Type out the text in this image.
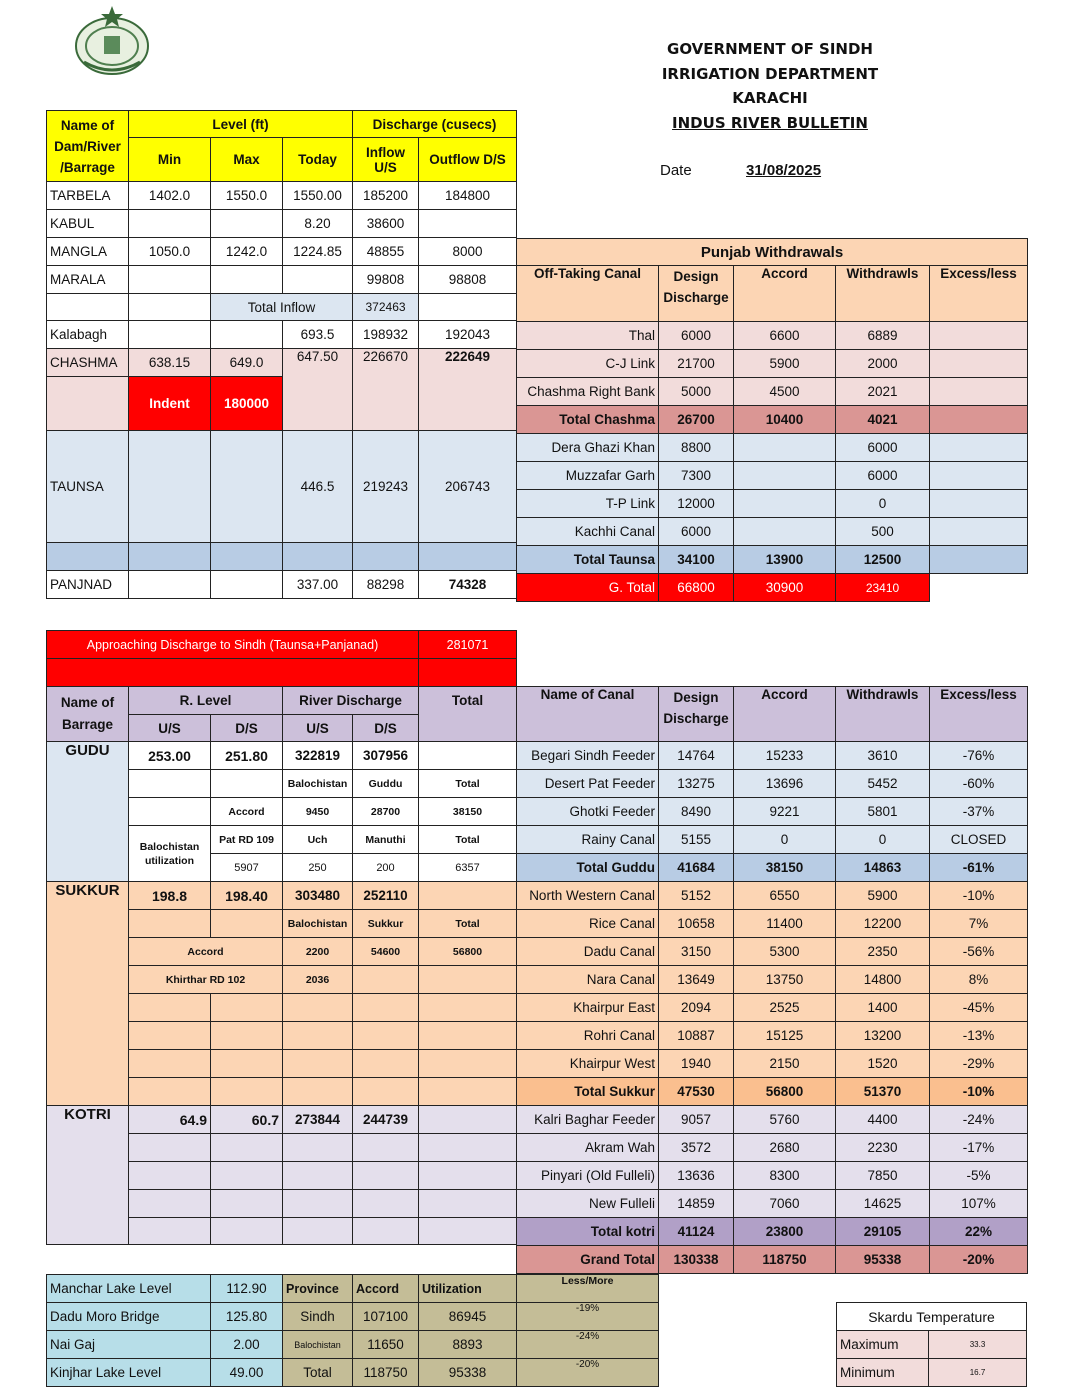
GOVERNMENT OF SINDH
IRRIGATION DEPARTMENT
KARACHI
INDUS RIVER BULLETIN
Date	31/08/2025
Name of Dam/River /Barrage	Level (ft)			Discharge (cusecs)	
	Min	Max	Today	Inflow U/S	Outflow D/S
TARBELA	1402.0	1550.0	1550.00	185200	184800
KABUL			8.20	38600	
MANGLA	1050.0	1242.0	1224.85	48855	8000
MARALA				99808	98808
		Total Inflow		372463	
Kalabagh			693.5	198932	192043
CHASHMA	638.15	649.0	647.50	226670	222649
	Indent	180000			
TAUNSA			446.5	219243	206743

PANJNAD			337.00	88298	74328
Punjab Withdrawals				
Off-Taking Canal	Design Discharge	Accord	Withdrawls	Excess/less
Thal	6000	6600	6889	
C-J Link	21700	5900	2000	
Chashma Right Bank	5000	4500	2021	
Total Chashma	26700	10400	4021	
Dera Ghazi Khan	8800		6000	
Muzzafar Garh	7300		6000	
T-P Link	12000		0	
Kachhi Canal	6000		500	
Total Taunsa	34100	13900	12500	
G. Total	66800	30900	23410	
Approaching Discharge to Sindh (Taunsa+Panjanad)	281071

Name of Barrage	R. Level		River Discharge		Total
	U/S	D/S	U/S	D/S	
GUDU	253.00	251.80	322819	307956	
			Balochistan	Guddu	Total
		Accord	9450	28700	38150
	Balochistan utilization	Pat RD 109	Uch	Manuthi	Total
		5907	250	200	6357
SUKKUR	198.8	198.40	303480	252110	
			Balochistan	Sukkur	Total
	Accord		2200	54600	56800
	Khirthar RD 102		2036		

KOTRI	64.9	60.7	273844	244739	

Name of Canal	Design Discharge	Accord	Withdrawls	Excess/less
Begari Sindh Feeder	14764	15233	3610	-76%
Desert Pat Feeder	13275	13696	5452	-60%
Ghotki Feeder	8490	9221	5801	-37%
Rainy Canal	5155	0	0	CLOSED
Total Guddu	41684	38150	14863	-61%
North Western Canal	5152	6550	5900	-10%
Rice Canal	10658	11400	12200	7%
Dadu Canal	3150	5300	2350	-56%
Nara Canal	13649	13750	14800	8%
Khairpur East	2094	2525	1400	-45%
Rohri Canal	10887	15125	13200	-13%
Khairpur West	1940	2150	1520	-29%
Total Sukkur	47530	56800	51370	-10%
Kalri Baghar Feeder	9057	5760	4400	-24%
Akram Wah	3572	2680	2230	-17%
Pinyari (Old Fulleli)	13636	8300	7850	-5%
New Fulleli	14859	7060	14625	107%
Total kotri	41124	23800	29105	22%
Grand Total	130338	118750	95338	-20%
Manchar Lake Level	112.90	Province	Accord	Utilization	Less/More
Dadu Moro Bridge	125.80	Sindh	107100	86945	-19%
Nai Gaj	2.00	Balochistan	11650	8893	-24%
Kinjhar Lake Level	49.00	Total	118750	95338	-20%
Skardu Temperature	
Maximum	33.3
Minimum	16.7
